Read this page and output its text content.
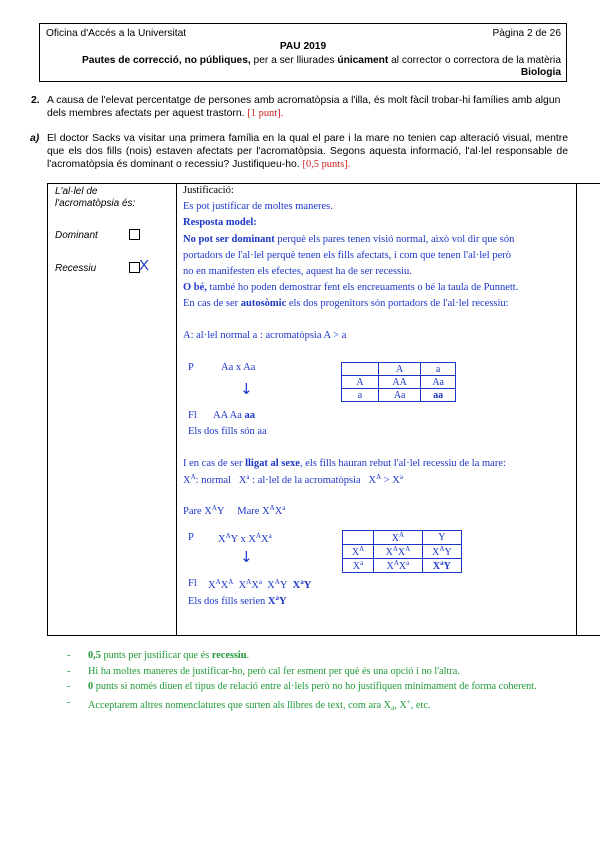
Oficina d'Accés a la Universitat	Pàgina 2 de 26
PAU 2019
Pautes de correcció, no públiques, per a ser lliurades únicament al corrector o correctora de la matèria
Biologia
2. A causa de l'elevat percentatge de persones amb acromatòpsia a l'illa, és molt fàcil trobar-hi famílies amb algun dels membres afectats per aquest trastorn. [1 punt].
a) El doctor Sacks va visitar una primera família en la qual el pare i la mare no tenien cap alteració visual, mentre que els dos fills (nois) estaven afectats per l'acromatòpsia. Segons aquesta informació, l'al·lel responsable de l'acromatòpsia és dominant o recessiu? Justifiqueu-ho. [0,5 punts].
L'al·lel de
l'acromatòpsia és:
Dominant
Recessiu	X
Justificació:
Es pot justificar de moltes maneres.
Resposta model:
No pot ser dominant perquè els pares tenen visió normal, això vol dir que són
portadors de l'al·lel perquè tenen els fills afectats, i com que tenen l'al·lel però
no en manifesten els efectes, aquest ha de ser recessiu.
O bé, també ho poden demostrar fent els encreuaments o bé la taula de Punnett.
En cas de ser autosòmic els dos progenitors són portadors de l'al·lel recessiu:
A: al·lel normal a : acromatòpsia A > a
P	Aa x Aa
↓
Fl AA Aa aa
Els dos fills són aa
	A	a
A	AA	Aa
a	Aa	aa
I en cas de ser lligat al sexe, els fills hauran rebut l'al·lel recessiu de la mare:
$X^A$: normal   $X^a$ : al·lel de la acromatòpsia   $X^A > X^a$
Pare $X^AY$     Mare $X^AX^a$
P $X^AY$ x $X^AX^a$
↓
Fl $X^AX^A$  $X^AX^a$  $X^AY$  $X^aY$
Els dos fills serien $X^aY$
	$X^A$	Y
$X^A$	$X^AX^A$	$X^AY$
$X^a$	$X^AX^a$	$X^aY$
- 0,5 punts per justificar que és recessiu.
- Hi ha moltes maneres de justificar-ho, però cal fer esment per què és una opció i no l'altra.
- 0 punts si només diuen el tipus de relació entre al·lels però no ho justifiquen mínimament de forma coherent.
- Acceptarem altres nomenclatures que surten als llibres de text, com ara $X_a$, X+, etc.
